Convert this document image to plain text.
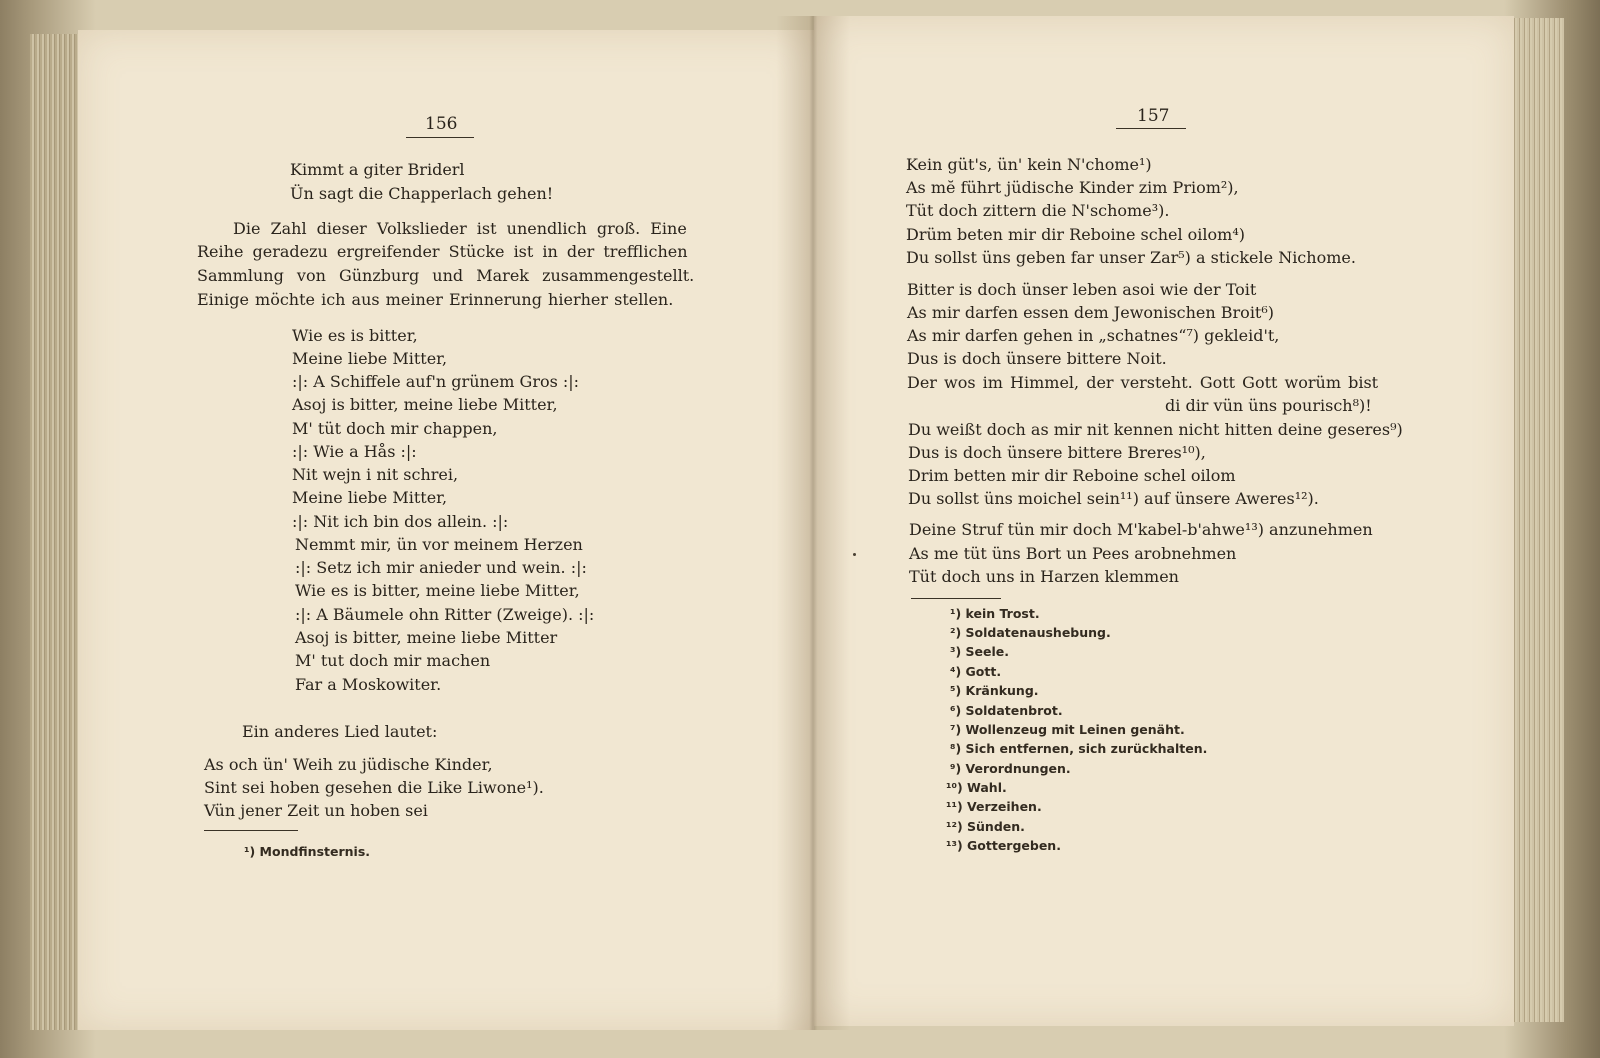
156
Kimmt a giter Briderl
Ün sagt die Chapperlach gehen!
Die Zahl dieser Volkslieder ist unendlich groß. Eine
Reihe geradezu ergreifender Stücke ist in der trefflichen
Sammlung von Günzburg und Marek zusammengestellt.
Einige möchte ich aus meiner Erinnerung hierher stellen.
Wie es is bitter,
Meine liebe Mitter,
:|: A Schiffele auf'n grünem Gros :|:
Asoj is bitter, meine liebe Mitter,
M' tüt doch mir chappen,
:|: Wie a Hås :|:
Nit wejn i nit schrei,
Meine liebe Mitter,
:|: Nit ich bin dos allein. :|:
Nemmt mir, ün vor meinem Herzen
:|: Setz ich mir anieder und wein. :|:
Wie es is bitter, meine liebe Mitter,
:|: A Bäumele ohn Ritter (Zweige). :|:
Asoj is bitter, meine liebe Mitter
M' tut doch mir machen
Far a Moskowiter.
Ein anderes Lied lautet:
As och ün' Weih zu jüdische Kinder,
Sint sei hoben gesehen die Like Liwone¹).
Vün jener Zeit un hoben sei
¹) Mondfinsternis.
157
Kein güt's, ün' kein N'chome¹)
As mĕ führt jüdische Kinder zim Priom²),
Tüt doch zittern die N'schome³).
Drüm beten mir dir Reboine schel oilom⁴)
Du sollst üns geben far unser Zar⁵) a stickele Nichome.
Bitter is doch ünser leben asoi wie der Toit
As mir darfen essen dem Jewonischen Broit⁶)
As mir darfen gehen in „schatnes“⁷) gekleid't,
Dus is doch ünsere bittere Noit.
Der wos im Himmel, der versteht. Gott Gott worüm bist
di dir vün üns pourisch⁸)!
Du weißt doch as mir nit kennen nicht hitten deine geseres⁹)
Dus is doch ünsere bittere Breres¹⁰),
Drim betten mir dir Reboine schel oilom
Du sollst üns moichel sein¹¹) auf ünsere Aweres¹²).
Deine Struf tün mir doch M'kabel-b'ahwe¹³) anzunehmen
As me tüt üns Bort un Pees arobnehmen
Tüt doch uns in Harzen klemmen
¹) kein Trost.
²) Soldatenaushebung.
³) Seele.
⁴) Gott.
⁵) Kränkung.
⁶) Soldatenbrot.
⁷) Wollenzeug mit Leinen genäht.
⁸) Sich entfernen, sich zurückhalten.
⁹) Verordnungen.
¹⁰) Wahl.
¹¹) Verzeihen.
¹²) Sünden.
¹³) Gottergeben.
